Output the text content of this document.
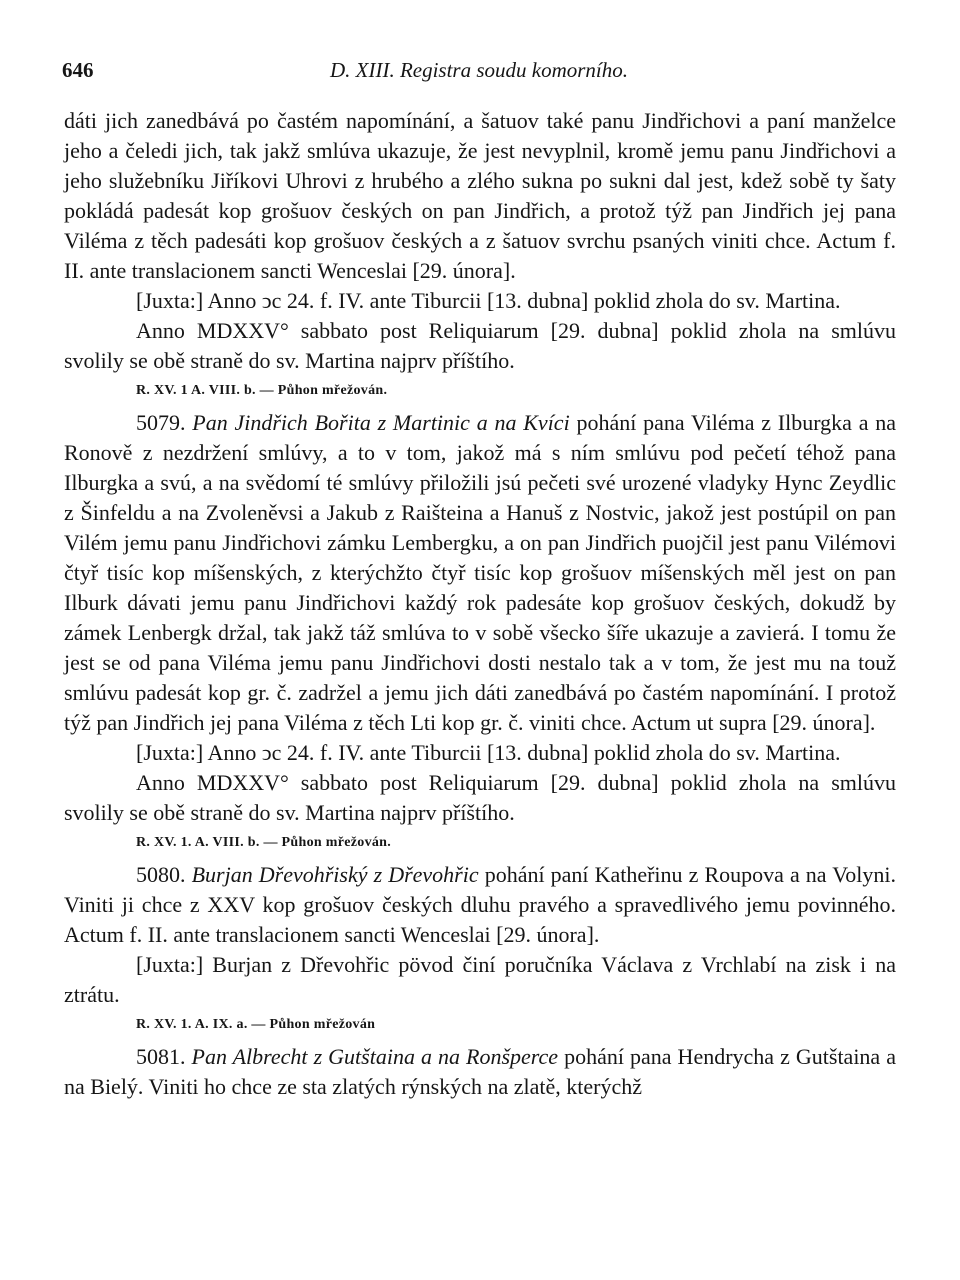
646	D. XIII. Registra soudu komorního.

dáti jich zanedbává po častém napomínání, a šatuov také panu Jindřichovi a paní manželce jeho a čeledi jich, tak jakž smlúva ukazuje, že jest nevyplnil, kromě jemu panu Jindřichovi a jeho služebníku Jiříkovi Uhrovi z hrubého a zlého sukna po sukni dal jest, kdež sobě ty šaty pokládá padesát kop grošuov českých on pan Jindřich, a protož týž pan Jindřich jej pana Viléma z těch padesáti kop grošuov českých a z šatuov svrchu psaných viniti chce. Actum f. II. ante translacionem sancti Wenceslai [29. února].

[Juxta:] Anno ↄc 24. f. IV. ante Tiburcii [13. dubna] poklid zhola do sv. Martina.

Anno MDXXV° sabbato post Reliquiarum [29. dubna] poklid zhola na smlúvu svolily se obě straně do sv. Martina najprv příštího.

R. XV. 1 A. VIII. b. — Půhon mřežován.

5079. Pan Jindřich Bořita z Martinic a na Kvíci pohání pana Viléma z Ilburgka a na Ronově z nezdržení smlúvy, a to v tom, jakož má s ním smlúvu pod pečetí téhož pana Ilburgka a svú, a na svědomí té smlúvy přiložili jsú pečeti své urozené vladyky Hync Zeydlic z Šinfeldu a na Zvoleněvsi a Jakub z Raišteina a Hanuš z Nostvic, jakož jest postúpil on pan Vilém jemu panu Jindřichovi zámku Lembergku, a on pan Jindřich puojčil jest panu Vilémovi čtyř tisíc kop míšenských, z kterýchžto čtyř tisíc kop grošuov míšenských měl jest on pan Ilburk dávati jemu panu Jindřichovi každý rok padesáte kop grošuov českých, dokudž by zámek Lenbergk držal, tak jakž táž smlúva to v sobě všecko šíře ukazuje a zavierá. I tomu že jest se od pana Viléma jemu panu Jindřichovi dosti nestalo tak a v tom, že jest mu na touž smlúvu padesát kop gr. č. zadržel a jemu jich dáti zanedbává po častém napomínání. I protož týž pan Jindřich jej pana Viléma z těch Lti kop gr. č. viniti chce. Actum ut supra [29. února].

[Juxta:] Anno ↄc 24. f. IV. ante Tiburcii [13. dubna] poklid zhola do sv. Martina.

Anno MDXXV° sabbato post Reliquiarum [29. dubna] poklid zhola na smlúvu svolily se obě straně do sv. Martina najprv příštího.

R. XV. 1. A. VIII. b. — Půhon mřežován.

5080. Burjan Dřevohřiský z Dřevohřic pohání paní Katheřinu z Roupova a na Volyni. Viniti ji chce z XXV kop grošuov českých dluhu pravého a spravedlivého jemu povinného. Actum f. II. ante translacionem sancti Wenceslai [29. února].

[Juxta:] Burjan z Dřevohřic pövod činí poručníka Václava z Vrchlabí na zisk i na ztrátu.

R. XV. 1. A. IX. a. — Půhon mřežován

5081. Pan Albrecht z Gutštaina a na Ronšperce pohání pana Hendrycha z Gutštaina a na Bielý. Viniti ho chce ze sta zlatých rýnských na zlatě, kterýchž
